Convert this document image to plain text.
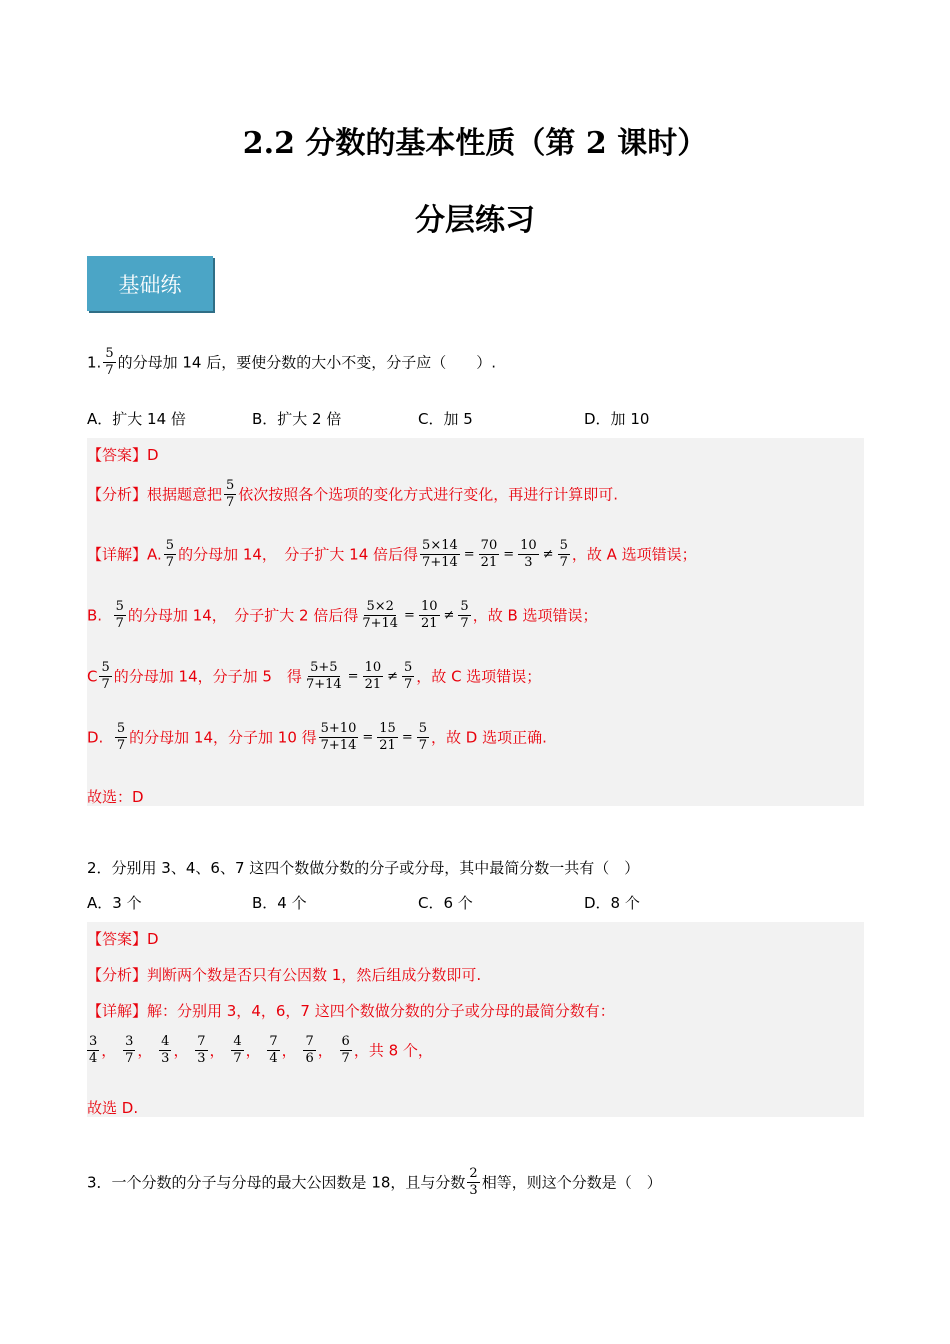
2.2 分数的基本性质（第 2 课时）
分层练习
基础练
1. $\frac{5}{7}$ 的分母加 14 后，要使分数的大小不变，分子应（　　）.
A．扩大 14 倍	B．扩大 2 倍	C．加 5	D．加 10
【答案】D
【分析】根据题意把 $\frac{5}{7}$ 依次按照各个选项的变化方式进行变化，再进行计算即可.
【详解】A. $\frac{5}{7}$ 的分母加 14，　分子扩大 14 倍后得 $\frac{5\times 14}{7+14} = \frac{70}{21} = \frac{10}{3} \ne \frac{5}{7}$ ，故 A 选项错误；
B. $\frac{5}{7}$ 的分母加 14，　分子扩大 2 倍后得 $\frac{5\times 2}{7+14} = \frac{10}{21} \ne \frac{5}{7}$ ，故 B 选项错误；
C $\frac{5}{7}$ 的分母加 14，分子加 5　得 $\frac{5+5}{7+14} = \frac{10}{21} \ne \frac{5}{7}$ ，故 C 选项错误；
D. $\frac{5}{7}$ 的分母加 14，分子加 10 得 $\frac{5+10}{7+14} = \frac{15}{21} = \frac{5}{7}$ ，故 D 选项正确.
故选：D
2．分别用 3、4、6、7 这四个数做分数的分子或分母，其中最简分数一共有（　）
A．3 个	B．4 个	C．6 个	D．8 个
【答案】D
【分析】判断两个数是否只有公因数 1，然后组成分数即可.
【详解】解：分别用 3，4，6，7 这四个数做分数的分子或分母的最简分数有：
$\frac{3}{4}$ ， $\frac{3}{7}$ ， $\frac{4}{3}$ ， $\frac{7}{3}$ ， $\frac{4}{7}$ ， $\frac{7}{4}$ ， $\frac{7}{6}$ ， $\frac{6}{7}$ ，共 8 个，
故选 D.
3．一个分数的分子与分母的最大公因数是 18，且与分数 $\frac{2}{3}$ 相等，则这个分数是（　）
